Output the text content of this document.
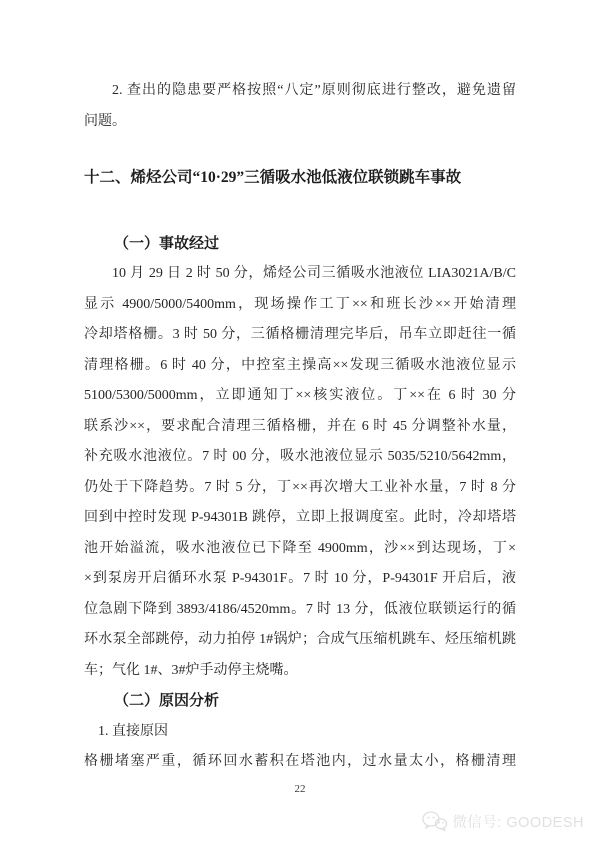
2. 查出的隐患要严格按照“八定”原则彻底进行整改，避免遗留
问题。
十二、烯烃公司“10·29”三循吸水池低液位联锁跳车事故
（一）事故经过
10 月 29 日 2 时 50 分，烯烃公司三循吸水池液位 LIA3021A/B/C
显示 4900/5000/5400mm，现场操作工丁××和班长沙××开始清理
冷却塔格栅。3 时 50 分，三循格栅清理完毕后，吊车立即赶往一循
清理格栅。6 时 40 分，中控室主操高××发现三循吸水池液位显示
5100/5300/5000mm，立即通知丁××核实液位。丁××在 6 时 30 分
联系沙××，要求配合清理三循格栅，并在 6 时 45 分调整补水量，
补充吸水池液位。7 时 00 分，吸水池液位显示 5035/5210/5642mm，
仍处于下降趋势。7 时 5 分，丁××再次增大工业补水量，7 时 8 分
回到中控时发现 P-94301B 跳停，立即上报调度室。此时，冷却塔塔
池开始溢流，吸水池液位已下降至 4900mm，沙××到达现场，丁×
×到泵房开启循环水泵 P-94301F。7 时 10 分，P-94301F 开启后，液
位急剧下降到 3893/4186/4520mm。7 时 13 分，低液位联锁运行的循
环水泵全部跳停，动力拍停 1#锅炉；合成气压缩机跳车、烃压缩机跳
车；气化 1#、3#炉手动停主烧嘴。
（二）原因分析
1. 直接原因
格栅堵塞严重，循环回水蓄积在塔池内，过水量太小，格栅清理
22
微信号: GOODESH
